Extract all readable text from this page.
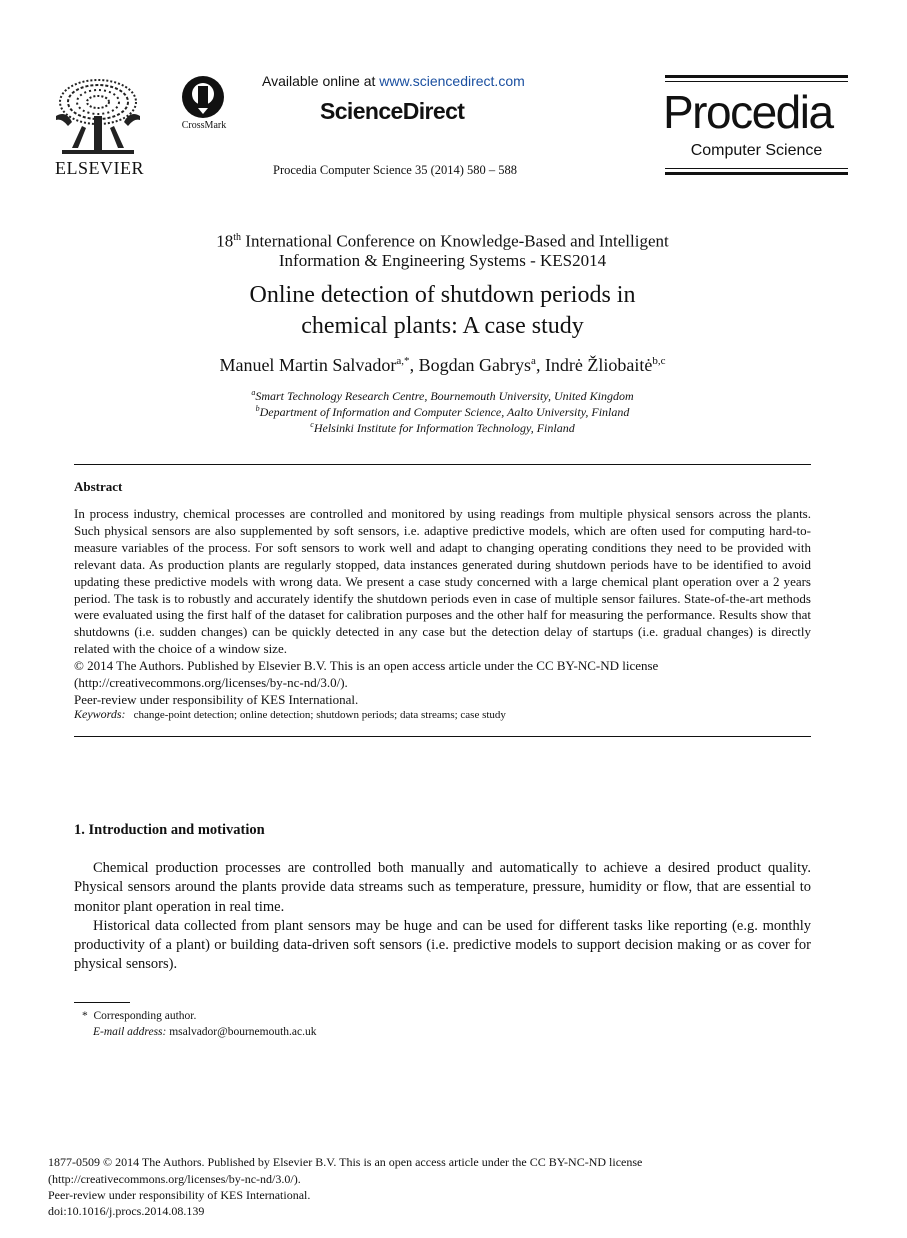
ELSEVIER
CrossMark
Available online at www.sciencedirect.com
ScienceDirect
Procedia Computer Science 35 (2014) 580 – 588
Procedia
Computer Science
18th International Conference on Knowledge-Based and Intelligent
Information & Engineering Systems - KES2014
Online detection of shutdown periods in
chemical plants: A case study
Manuel Martin Salvador$^{a,*}$, Bogdan Gabrys$^a$, Indrė Žliobaitė$^{b,c}$
$^a$Smart Technology Research Centre, Bournemouth University, United Kingdom
$^b$Department of Information and Computer Science, Aalto University, Finland
$^c$Helsinki Institute for Information Technology, Finland
Abstract

In process industry, chemical processes are controlled and monitored by using readings from multiple physical sensors across the plants. Such physical sensors are also supplemented by soft sensors, i.e. adaptive predictive models, which are often used for computing hard-to-measure variables of the process. For soft sensors to work well and adapt to changing operating conditions they need to be provided with relevant data. As production plants are regularly stopped, data instances generated during shutdown periods have to be identified to avoid updating these predictive models with wrong data. We present a case study concerned with a large chemical plant operation over a 2 years period. The task is to robustly and accurately identify the shutdown periods even in case of multiple sensor failures. State-of-the-art methods were evaluated using the first half of the dataset for calibration purposes and the other half for measuring the performance. Results show that shutdowns (i.e. sudden changes) can be quickly detected in any case but the detection delay of startups (i.e. gradual changes) is directly related with the choice of a window size.

© 2014 The Authors. Published by Elsevier B.V. This is an open access article under the CC BY-NC-ND license

(http://creativecommons.org/licenses/by-nc-nd/3.0/).

Peer-review under responsibility of KES International.

Keywords: change-point detection; online detection; shutdown periods; data streams; case study
1. Introduction and motivation

Chemical production processes are controlled both manually and automatically to achieve a desired product quality. Physical sensors around the plants provide data streams such as temperature, pressure, humidity or flow, that are essential to monitor plant operation in real time.

Historical data collected from plant sensors may be huge and can be used for different tasks like reporting (e.g. monthly productivity of a plant) or building data-driven soft sensors (i.e. predictive models to support decision making or as cover for physical sensors).

* Corresponding author.
E-mail address: msalvador@bournemouth.ac.uk
1877-0509 © 2014 The Authors. Published by Elsevier B.V. This is an open access article under the CC BY-NC-ND license
(http://creativecommons.org/licenses/by-nc-nd/3.0/).
Peer-review under responsibility of KES International.
doi:10.1016/j.procs.2014.08.139
